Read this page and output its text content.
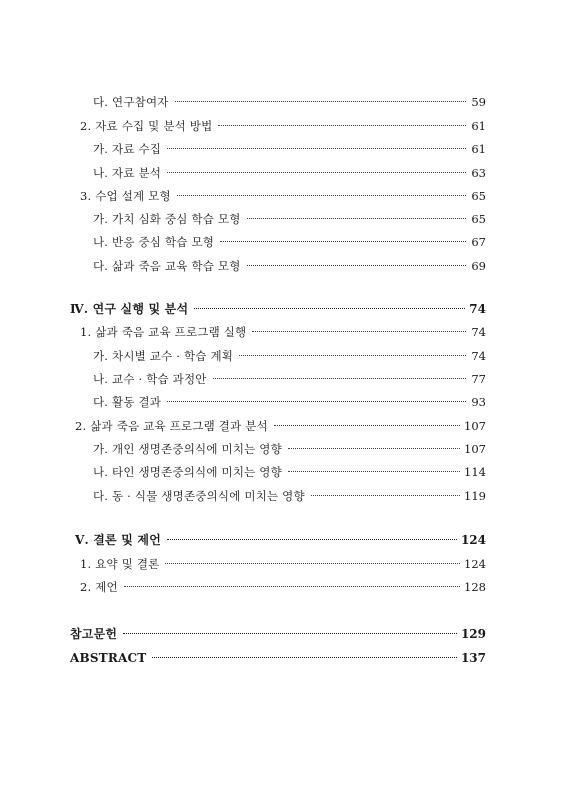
다. 연구참여자	59
2. 자료 수집 및 분석 방법	61
가. 자료 수집	61
나. 자료 분석	63
3. 수업 설계 모형	65
가. 가치 심화 중심 학습 모형	65
나. 반응 중심 학습 모형	67
다. 삶과 죽음 교육 학습 모형	69
Ⅳ. 연구 실행 및 분석	74
1. 삶과 죽음 교육 프로그램 실행	74
가. 차시별 교수 · 학습 계획	74
나. 교수 · 학습 과정안	77
다. 활동 결과	93
2. 삶과 죽음 교육 프로그램 결과 분석	107
가. 개인 생명존중의식에 미치는 영향	107
나. 타인 생명존중의식에 미치는 영향	114
다. 동 · 식물 생명존중의식에 미치는 영향	119
Ⅴ. 결론 및 제언	124
1. 요약 및 결론	124
2. 제언	128
참고문헌	129
ABSTRACT	137
